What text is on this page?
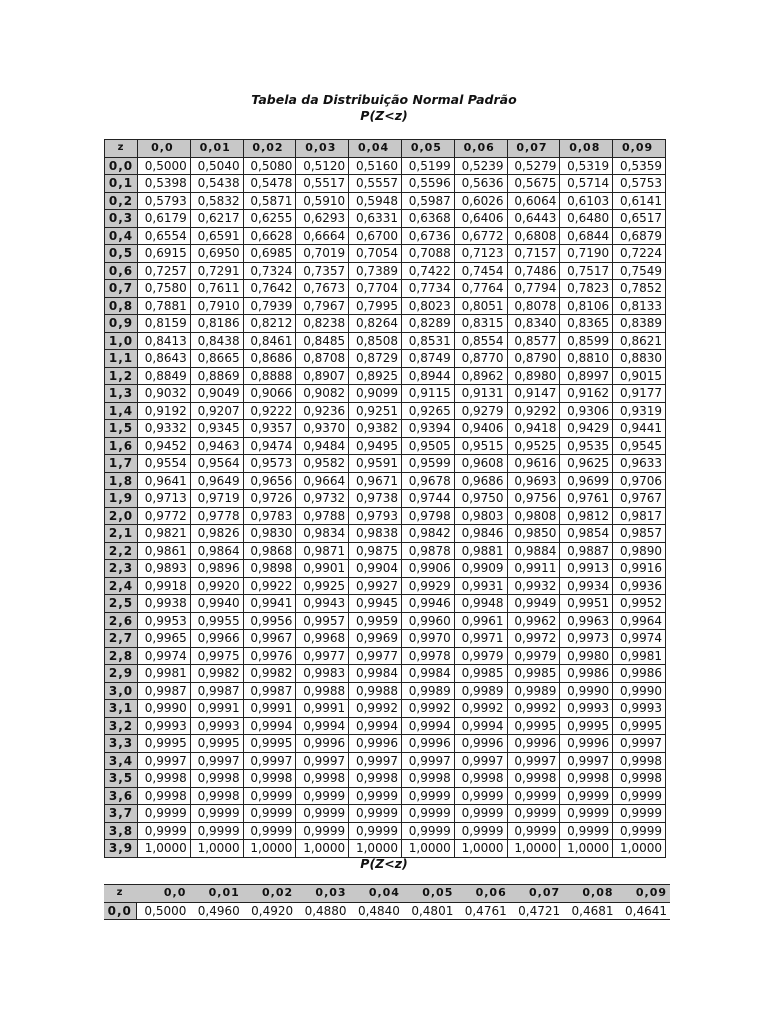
Tabela da Distribuição Normal Padrão
P(Z<z)
z	0,0	0,01	0,02	0,03	0,04	0,05	0,06	0,07	0,08	0,09
0,0	0,5000	0,5040	0,5080	0,5120	0,5160	0,5199	0,5239	0,5279	0,5319	0,5359
0,1	0,5398	0,5438	0,5478	0,5517	0,5557	0,5596	0,5636	0,5675	0,5714	0,5753
0,2	0,5793	0,5832	0,5871	0,5910	0,5948	0,5987	0,6026	0,6064	0,6103	0,6141
0,3	0,6179	0,6217	0,6255	0,6293	0,6331	0,6368	0,6406	0,6443	0,6480	0,6517
0,4	0,6554	0,6591	0,6628	0,6664	0,6700	0,6736	0,6772	0,6808	0,6844	0,6879
0,5	0,6915	0,6950	0,6985	0,7019	0,7054	0,7088	0,7123	0,7157	0,7190	0,7224
0,6	0,7257	0,7291	0,7324	0,7357	0,7389	0,7422	0,7454	0,7486	0,7517	0,7549
0,7	0,7580	0,7611	0,7642	0,7673	0,7704	0,7734	0,7764	0,7794	0,7823	0,7852
0,8	0,7881	0,7910	0,7939	0,7967	0,7995	0,8023	0,8051	0,8078	0,8106	0,8133
0,9	0,8159	0,8186	0,8212	0,8238	0,8264	0,8289	0,8315	0,8340	0,8365	0,8389
1,0	0,8413	0,8438	0,8461	0,8485	0,8508	0,8531	0,8554	0,8577	0,8599	0,8621
1,1	0,8643	0,8665	0,8686	0,8708	0,8729	0,8749	0,8770	0,8790	0,8810	0,8830
1,2	0,8849	0,8869	0,8888	0,8907	0,8925	0,8944	0,8962	0,8980	0,8997	0,9015
1,3	0,9032	0,9049	0,9066	0,9082	0,9099	0,9115	0,9131	0,9147	0,9162	0,9177
1,4	0,9192	0,9207	0,9222	0,9236	0,9251	0,9265	0,9279	0,9292	0,9306	0,9319
1,5	0,9332	0,9345	0,9357	0,9370	0,9382	0,9394	0,9406	0,9418	0,9429	0,9441
1,6	0,9452	0,9463	0,9474	0,9484	0,9495	0,9505	0,9515	0,9525	0,9535	0,9545
1,7	0,9554	0,9564	0,9573	0,9582	0,9591	0,9599	0,9608	0,9616	0,9625	0,9633
1,8	0,9641	0,9649	0,9656	0,9664	0,9671	0,9678	0,9686	0,9693	0,9699	0,9706
1,9	0,9713	0,9719	0,9726	0,9732	0,9738	0,9744	0,9750	0,9756	0,9761	0,9767
2,0	0,9772	0,9778	0,9783	0,9788	0,9793	0,9798	0,9803	0,9808	0,9812	0,9817
2,1	0,9821	0,9826	0,9830	0,9834	0,9838	0,9842	0,9846	0,9850	0,9854	0,9857
2,2	0,9861	0,9864	0,9868	0,9871	0,9875	0,9878	0,9881	0,9884	0,9887	0,9890
2,3	0,9893	0,9896	0,9898	0,9901	0,9904	0,9906	0,9909	0,9911	0,9913	0,9916
2,4	0,9918	0,9920	0,9922	0,9925	0,9927	0,9929	0,9931	0,9932	0,9934	0,9936
2,5	0,9938	0,9940	0,9941	0,9943	0,9945	0,9946	0,9948	0,9949	0,9951	0,9952
2,6	0,9953	0,9955	0,9956	0,9957	0,9959	0,9960	0,9961	0,9962	0,9963	0,9964
2,7	0,9965	0,9966	0,9967	0,9968	0,9969	0,9970	0,9971	0,9972	0,9973	0,9974
2,8	0,9974	0,9975	0,9976	0,9977	0,9977	0,9978	0,9979	0,9979	0,9980	0,9981
2,9	0,9981	0,9982	0,9982	0,9983	0,9984	0,9984	0,9985	0,9985	0,9986	0,9986
3,0	0,9987	0,9987	0,9987	0,9988	0,9988	0,9989	0,9989	0,9989	0,9990	0,9990
3,1	0,9990	0,9991	0,9991	0,9991	0,9992	0,9992	0,9992	0,9992	0,9993	0,9993
3,2	0,9993	0,9993	0,9994	0,9994	0,9994	0,9994	0,9994	0,9995	0,9995	0,9995
3,3	0,9995	0,9995	0,9995	0,9996	0,9996	0,9996	0,9996	0,9996	0,9996	0,9997
3,4	0,9997	0,9997	0,9997	0,9997	0,9997	0,9997	0,9997	0,9997	0,9997	0,9998
3,5	0,9998	0,9998	0,9998	0,9998	0,9998	0,9998	0,9998	0,9998	0,9998	0,9998
3,6	0,9998	0,9998	0,9999	0,9999	0,9999	0,9999	0,9999	0,9999	0,9999	0,9999
3,7	0,9999	0,9999	0,9999	0,9999	0,9999	0,9999	0,9999	0,9999	0,9999	0,9999
3,8	0,9999	0,9999	0,9999	0,9999	0,9999	0,9999	0,9999	0,9999	0,9999	0,9999
3,9	1,0000	1,0000	1,0000	1,0000	1,0000	1,0000	1,0000	1,0000	1,0000	1,0000
P(Z<z)
z	0,0	0,01	0,02	0,03	0,04	0,05	0,06	0,07	0,08	0,09
0,0	0,5000	0,4960	0,4920	0,4880	0,4840	0,4801	0,4761	0,4721	0,4681	0,4641
